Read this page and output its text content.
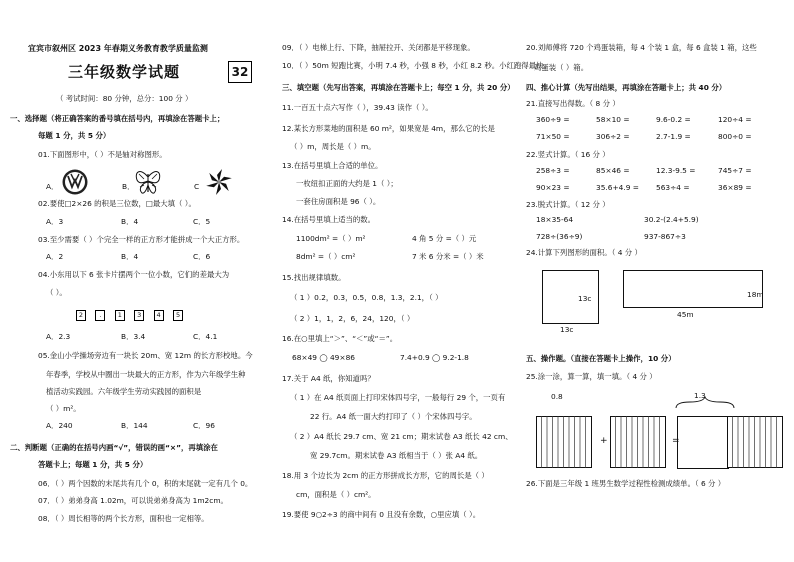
宜宾市叙州区 2023 年春期义务教育教学质量监测
三年级数学试题	32
（ 考试时间：80 分钟，总分：100 分 ）
一、选择题（将正确答案的番号填在括号内，再填涂在答题卡上；
每题 1 分，共 5 分）
01.下面图形中，（ ）不是轴对称图形。
A．	B．	C
02.要使□2×26 的积是三位数，□最大填（ ）。
A．3	B．4	C．5
03.至少需要（ ）个完全一样的正方形才能拼成一个大正方形。
A．2	B．4	C．6
04.小东用以下 6 张卡片摆两个一位小数，它们的差最大为
（ ）。
2	.	1 3 4 5
A．2.3	B．3.4	C．4.1
05.金山小学操场旁边有一块长 20m、宽 12m 的长方形校地。今
年春季，学校从中圈出一块最大的正方形，作为六年级学生种
植活动实践园。六年级学生劳动实践园的面积是
（ ）m²。
A．240	B．144	C．96
二、判断题（正确的在括号内画“√”，错误的画“×”，再填涂在
答题卡上；每题 1 分，共 5 分）
06．（ ）两个因数的末尾共有几个 0，积的末尾就一定有几个 0。
07．（ ）弟弟身高 1.02m，可以说弟弟身高为 1m2cm。
08．（ ）周长相等的两个长方形，面积也一定相等。
09．（ ）电梯上行、下降，抽屉拉开、关闭都是平移现象。
10．（ ）50m 短跑比赛，小明 7.4 秒，小强 8 秒，小红 8.2 秒。小红跑得最快。
三、填空题（先写出答案，再填涂在答题卡上；每空 1 分，共 20 分）
11.一百五十点六写作（ ），39.43 读作（ ）。
12.某长方形菜地的面积是 60 m²，如果宽是 4m，那么它的长是
（ ）m，周长是（ ）m。
13.在括号里填上合适的单位。
一枚纽扣正面的大约是 1（ ）；
一套住房面积是 96（ ）。
14.在括号里填上适当的数。
1100dm² =（ ）m²	4 角 5 分 =（ ）元
8dm² =（ ）cm²	7 米 6 分米 =（ ）米
15.找出规律填数。
（ 1 ）0.2，0.3，0.5，0.8，1.3，2.1，（ ）
（ 2 ）1，1，2，6，24，120，（ ）
16.在○里填上“＞”、“＜”或“＝”。
68×49 ◯ 49×86	7.4+0.9 ◯ 9.2-1.8
17.关于 A4 纸，你知道吗？
（ 1 ）在 A4 纸页面上打印宋体四号字，一般每行 29 个，一页有
22 行。A4 纸一面大约打印了（ ）个宋体四号字。
（ 2 ）A4 纸长 29.7 cm、宽 21 cm；期末试卷 A3 纸长 42 cm、
宽 29.7cm。期末试卷 A3 纸相当于（ ）张 A4 纸。
18.用 3 个边长为 2cm 的正方形拼成长方形，它的周长是（ ）
cm，面积是（ ）cm²。
19.要使 9○2÷3 的商中间有 0 且没有余数，○里应填（ ）。
20.刘师傅将 720 个鸡蛋装箱，每 4 个装 1 盒，每 6 盒装 1 箱，这些
鸡蛋装（ ）箱。
四、推心计算（先写出结果，再填涂在答题卡上；共 40 分）
21.直接写出得数。（ 8 分 ）
360÷9 =	58×10 =	9.6-0.2 =	120÷4 =
71×50 =	306÷2 =	2.7-1.9 =	800÷0 =
22.竖式计算。（ 16 分 ）
258÷3 =	85×46 =	12.3-9.5 =	745÷7 =
90×23 =	35.6+4.9 = 563÷4 =	36×89 =
23.脱式计算。（ 12 分 ）
18×35-64	30.2-(2.4+5.9)
728÷(36÷9)	937-867÷3
24.计算下列图形的面积。（ 4 分 ）
13c
13c
18m
45m
五、操作题。（直接在答题卡上操作，10 分）
25.涂一涂，算一算，填一填。（ 4 分 ）
0.8	1.3
+	=
26.下面是三年级 1 班男生数学过程性检测成绩单。（ 6 分 ）
